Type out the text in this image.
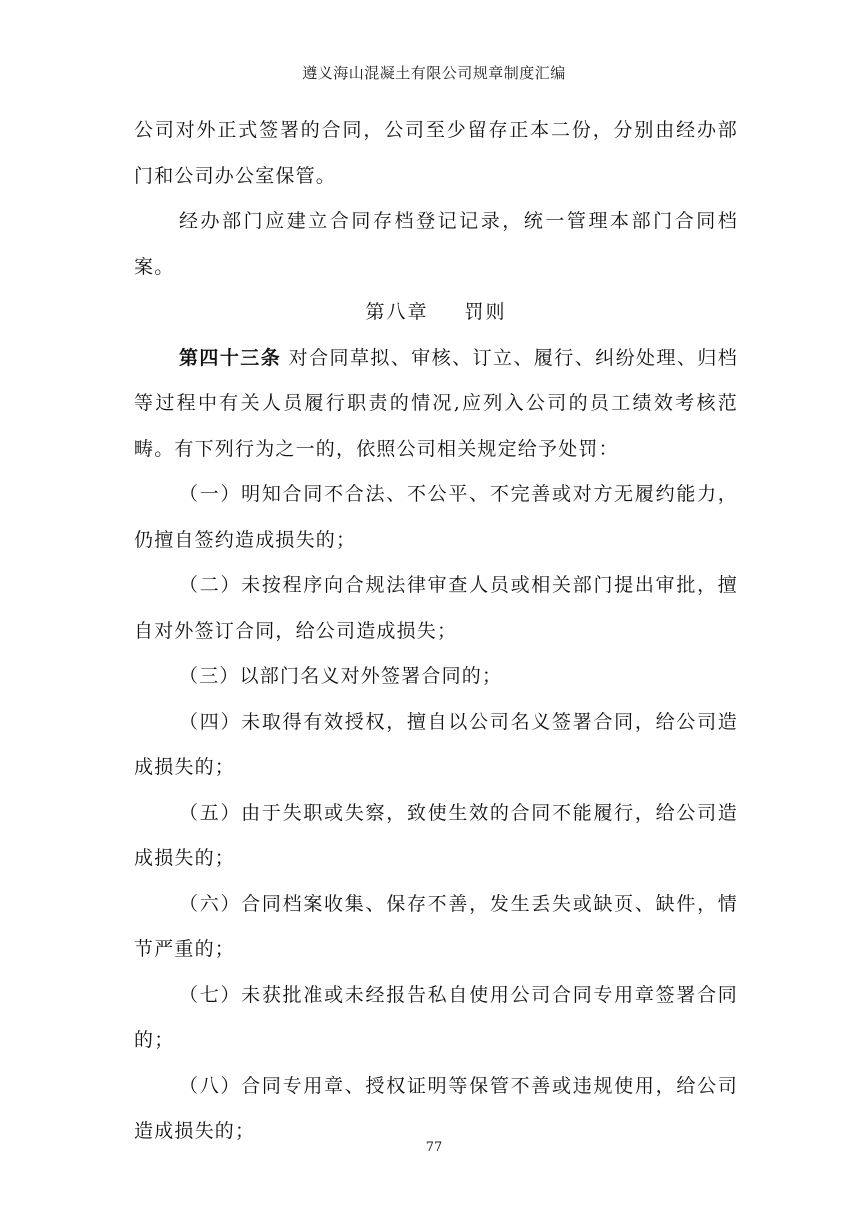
遵义海山混凝土有限公司规章制度汇编

公司对外正式签署的合同，公司至少留存正本二份，分别由经办部门和公司办公室保管。

经办部门应建立合同存档登记记录，统一管理本部门合同档案。

第八章 罚则

第四十三条 对合同草拟、审核、订立、履行、纠纷处理、归档等过程中有关人员履行职责的情况,应列入公司的员工绩效考核范畴。有下列行为之一的，依照公司相关规定给予处罚：

（一）明知合同不合法、不公平、不完善或对方无履约能力，仍擅自签约造成损失的；

（二）未按程序向合规法律审查人员或相关部门提出审批，擅自对外签订合同，给公司造成损失；

（三）以部门名义对外签署合同的；

（四）未取得有效授权，擅自以公司名义签署合同，给公司造成损失的；

（五）由于失职或失察，致使生效的合同不能履行，给公司造成损失的；

（六）合同档案收集、保存不善，发生丢失或缺页、缺件，情节严重的；

（七）未获批准或未经报告私自使用公司合同专用章签署合同的；

（八）合同专用章、授权证明等保管不善或违规使用，给公司造成损失的；

77
